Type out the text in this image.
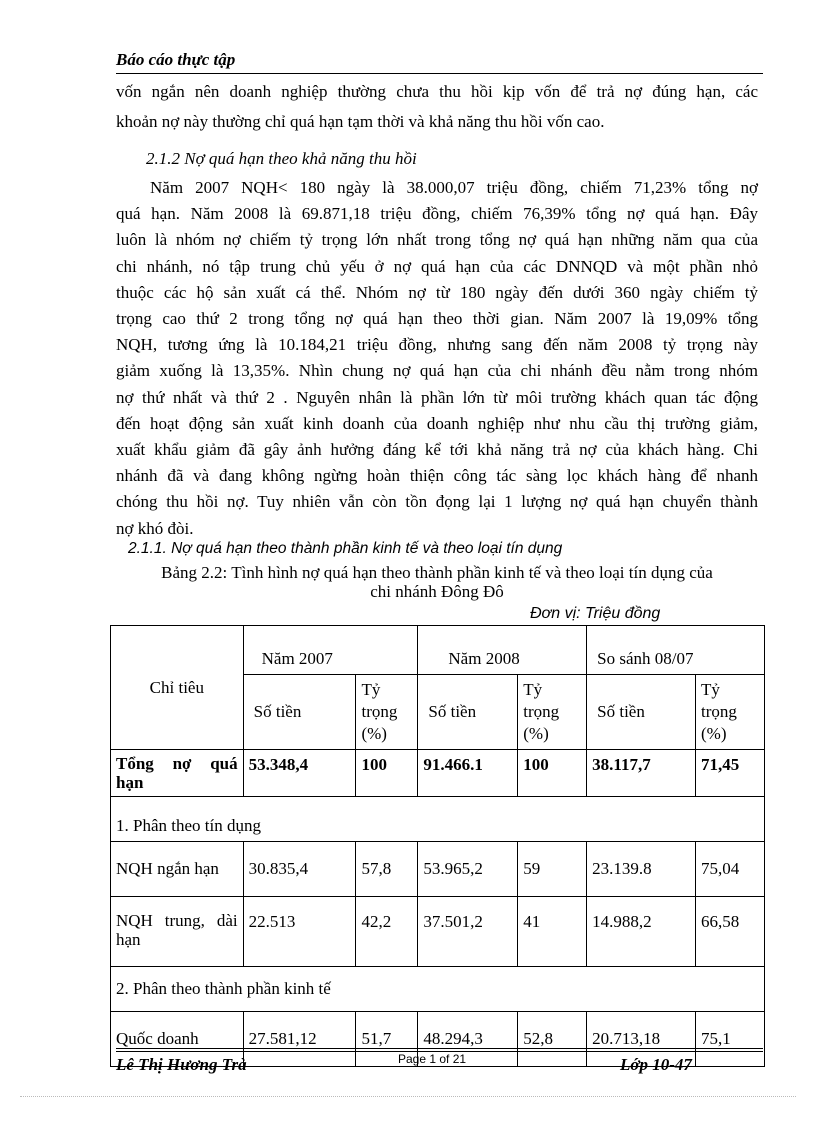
Báo cáo thực tập
vốn ngắn nên doanh nghiệp thường chưa thu hồi kịp vốn để trả nợ đúng hạn, các
khoản nợ này thường chỉ quá hạn tạm thời và khả năng thu hồi vốn cao.
2.1.2 Nợ quá hạn theo khả năng thu hồi
Năm 2007 NQH< 180 ngày là 38.000,07 triệu đồng, chiếm 71,23% tổng nợ
quá hạn. Năm 2008 là 69.871,18 triệu đồng, chiếm 76,39% tổng nợ quá hạn. Đây
luôn là nhóm nợ chiếm tỷ trọng lớn nhất trong tổng nợ quá hạn những năm qua của
chi nhánh, nó tập trung chủ yếu ở nợ quá hạn của các DNNQD và một phần nhỏ
thuộc các hộ sản xuất cá thể. Nhóm nợ từ 180 ngày đến dưới 360 ngày chiếm tỷ
trọng cao thứ 2 trong tổng nợ quá hạn theo thời gian. Năm 2007 là 19,09% tổng
NQH, tương ứng là 10.184,21 triệu đồng, nhưng sang đến năm 2008 tỷ trọng này
giảm xuống là 13,35%. Nhìn chung nợ quá hạn của chi nhánh đều nằm trong nhóm
nợ thứ nhất và thứ 2 . Nguyên nhân là phần lớn từ môi trường khách quan tác động
đến hoạt động sản xuất kinh doanh của doanh nghiệp như nhu cầu thị trường giảm,
xuất khẩu giảm đã gây ảnh hưởng đáng kể tới khả năng trả nợ của khách hàng. Chi
nhánh đã và đang không ngừng hoàn thiện công tác sàng lọc khách hàng để nhanh
chóng thu hồi nợ. Tuy nhiên vẫn còn tồn đọng lại 1 lượng nợ quá hạn chuyển thành
nợ khó đòi.
2.1.1. Nợ quá hạn theo thành phần kinh tế và theo loại tín dụng
Bảng 2.2: Tình hình nợ quá hạn theo thành phần kinh tế và theo loại tín dụng của
chi nhánh Đông Đô
Đơn vị: Triệu đồng
Chỉ tiêu	Năm 2007		Năm 2008		So sánh 08/07	
	Số tiền	Tỷ trọng (%)	Số tiền	Tỷ trọng (%)	Số tiền	Tỷ trọng (%)
Tổng nợ quá hạn	53.348,4	100	91.466.1	100	38.117,7	71,45
1. Phân theo tín dụng						
NQH ngắn hạn	30.835,4	57,8	53.965,2	59	23.139.8	75,04
NQH trung, dài hạn	22.513	42,2	37.501,2	41	14.988,2	66,58
2. Phân theo thành phần kinh tế						
Quốc doanh	27.581,12	51,7	48.294,3	52,8	20.713,18	75,1
Lê Thị Hương Trà	Page 1 of 21	Lớp 10-47
